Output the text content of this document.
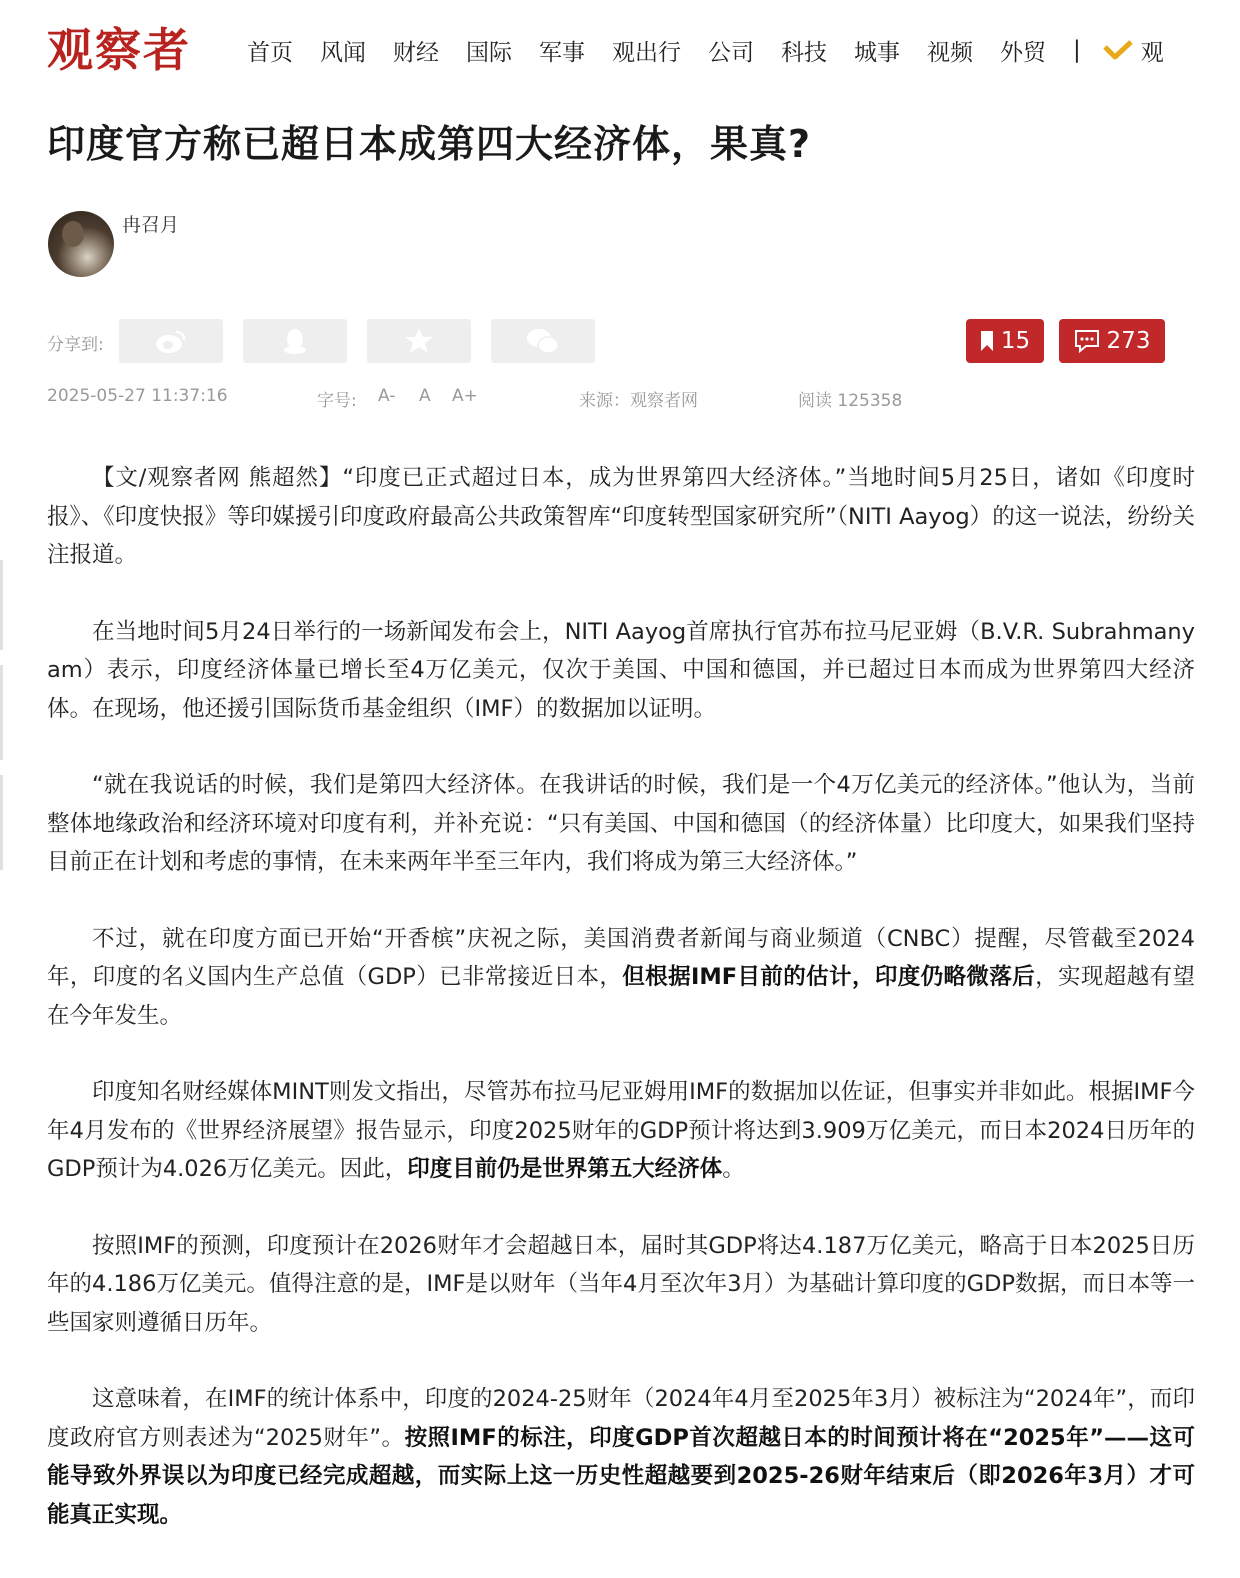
观察者 首页 风闻 财经 国际 军事 观出行 公司 科技 城事 视频 外贸 |	观
印度官方称已超日本成第四大经济体，果真?
冉召月
分享到:	15	273
2025-05-27 11:37:16	字号: A- A A+	来源：观察者网	阅读 125358

【文/观察者网 熊超然】“印度已正式超过日本，成为世界第四大经济体。”当地时间5月25日，诸如《印度时报》、《印度快报》等印媒援引印度政府最高公共政策智库“印度转型国家研究所”（NITI Aayog）的这一说法，纷纷关注报道。

在当地时间5月24日举行的一场新闻发布会上，NITI Aayog首席执行官苏布拉马尼亚姆（B.V.R. Subrahmanyam）表示，印度经济体量已增长至4万亿美元，仅次于美国、中国和德国，并已超过日本而成为世界第四大经济体。在现场，他还援引国际货币基金组织（IMF）的数据加以证明。

“就在我说话的时候，我们是第四大经济体。在我讲话的时候，我们是一个4万亿美元的经济体。”他认为，当前整体地缘政治和经济环境对印度有利，并补充说：“只有美国、中国和德国（的经济体量）比印度大，如果我们坚持目前正在计划和考虑的事情，在未来两年半至三年内，我们将成为第三大经济体。”

不过，就在印度方面已开始“开香槟”庆祝之际，美国消费者新闻与商业频道（CNBC）提醒，尽管截至2024年，印度的名义国内生产总值（GDP）已非常接近日本，但根据IMF目前的估计，印度仍略微落后，实现超越有望在今年发生。

印度知名财经媒体MINT则发文指出，尽管苏布拉马尼亚姆用IMF的数据加以佐证，但事实并非如此。根据IMF今年4月发布的《世界经济展望》报告显示，印度2025财年的GDP预计将达到3.909万亿美元，而日本2024日历年的GDP预计为4.026万亿美元。因此，印度目前仍是世界第五大经济体。

按照IMF的预测，印度预计在2026财年才会超越日本，届时其GDP将达4.187万亿美元，略高于日本2025日历年的4.186万亿美元。值得注意的是，IMF是以财年（当年4月至次年3月）为基础计算印度的GDP数据，而日本等一些国家则遵循日历年。

这意味着，在IMF的统计体系中，印度的2024-25财年（2024年4月至2025年3月）被标注为“2024年”，而印度政府官方则表述为“2025财年”。按照IMF的标注，印度GDP首次超越日本的时间预计将在“2025年”——这可能导致外界误以为印度已经完成超越，而实际上这一历史性超越要到2025-26财年结束后（即2026年3月）才可能真正实现。
